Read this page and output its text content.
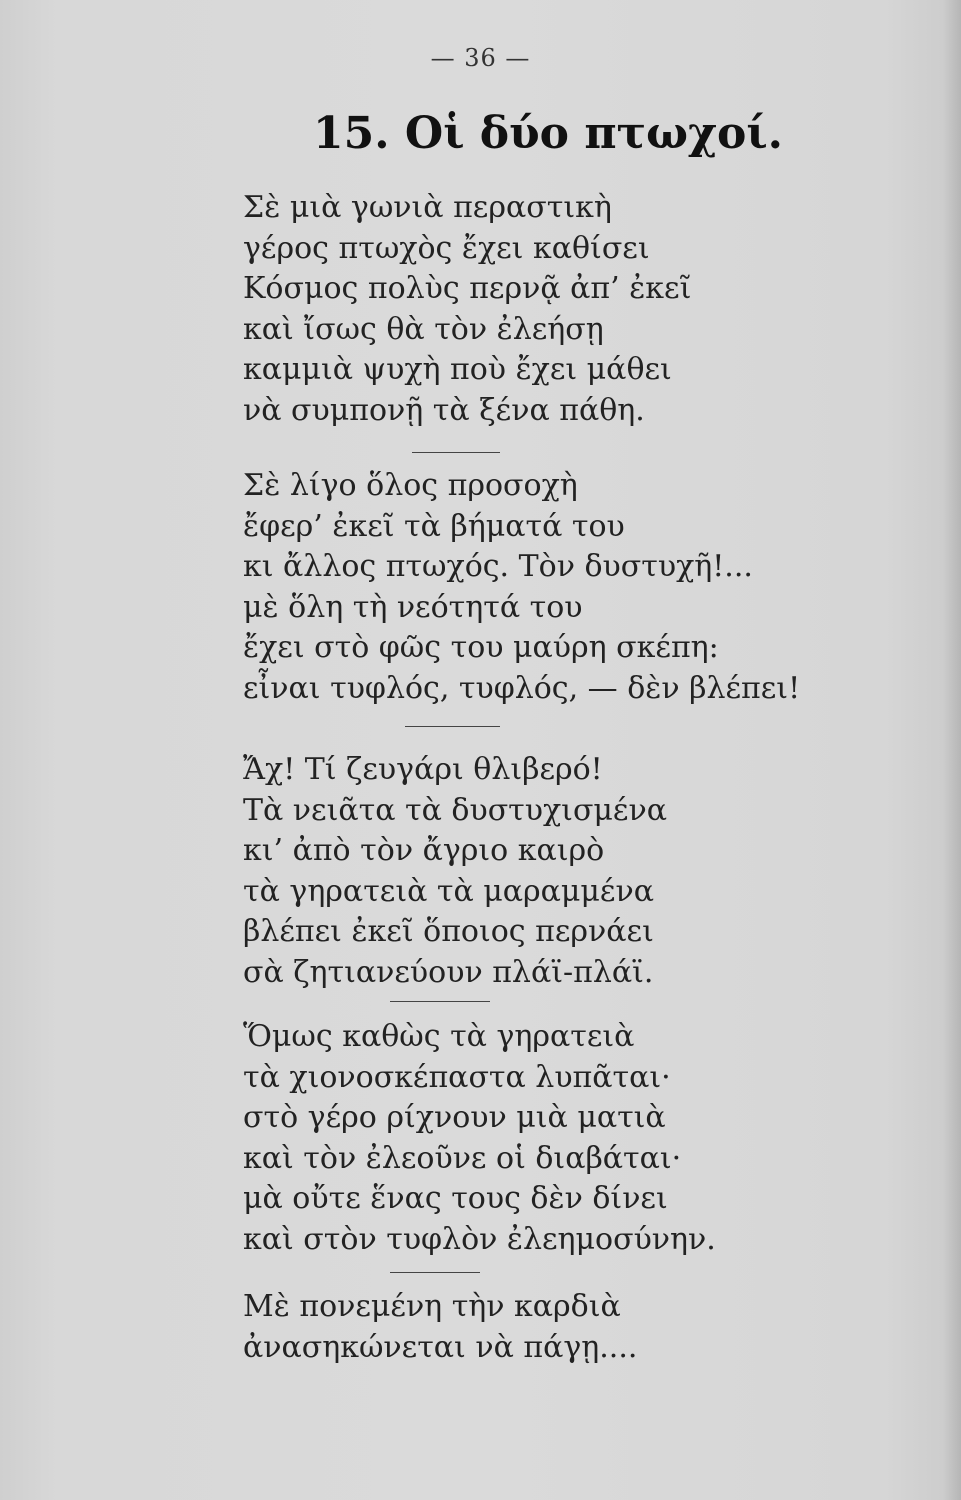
— 36 —
15. Οἱ δύο πτωχοί.
Σὲ μιὰ γωνιὰ περαστικὴ
γέρος πτωχὸς ἔχει καθίσει
Κόσμος πολὺς περνᾷ ἀπ’ ἐκεῖ
καὶ ἴσως θὰ τὸν ἐλεήσῃ
καμμιὰ ψυχὴ ποὺ ἔχει μάθει
νὰ συμπονῇ τὰ ξένα πάθη.
Σὲ λίγο ὅλος προσοχὴ
ἔφερ’ ἐκεῖ τὰ βήματά του
κι ἄλλος πτωχός. Τὸν δυστυχῆ!...
μὲ ὅλη τὴ νεότητά του
ἔχει στὸ φῶς του μαύρη σκέπη:
εἶναι τυφλός, τυφλός, — δὲν βλέπει!
Ἄχ! Τί ζευγάρι θλιβερό!
Τὰ νειᾶτα τὰ δυστυχισμένα
κι’ ἀπὸ τὸν ἄγριο καιρὸ
τὰ γηρατειὰ τὰ μαραμμένα
βλέπει ἐκεῖ ὅποιος περνάει
σὰ ζητιανεύουν πλάϊ-πλάϊ.
Ὅμως καθὼς τὰ γηρατειὰ
τὰ χιονοσκέπαστα λυπᾶται·
στὸ γέρο ρίχνουν μιὰ ματιὰ
καὶ τὸν ἐλεοῦνε οἱ διαβάται·
μὰ οὔτε ἕνας τους δὲν δίνει
καὶ στὸν τυφλὸν ἐλεημοσύνην.
Μὲ πονεμένη τὴν καρδιὰ
ἀνασηκώνεται νὰ πάγῃ....
